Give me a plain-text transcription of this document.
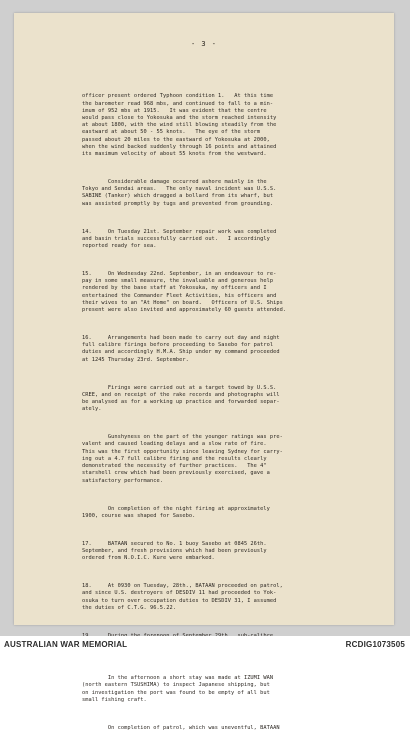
- 3 -

officer present ordered Typhoon condition 1.   At this time
the barometer read 968 mbs, and continued to fall to a min-
imum of 952 mbs at 1915.   It was evident that the centre
would pass close to Yokosuka and the storm reached intensity
at about 1800, with the wind still blowing steadily from the
eastward at about 50 - 55 knots.   The eye of the storm
passed about 20 miles to the eastward of Yokosuka at 2000,
when the wind backed suddenly through 16 points and attained
its maximum velocity of about 55 knots from the westward.

Considerable damage occurred ashore mainly in the
Tokyo and Sendai areas.   The only naval incident was U.S.S.
SABINE (Tanker) which dragged a bollard from its wharf, but
was assisted promptly by tugs and prevented from grounding.

14.     On Tuesday 21st. September repair work was completed
and basin trials successfully carried out.   I accordingly
reported ready for sea.

15.     On Wednesday 22nd. September, in an endeavour to re-
pay in some small measure, the invaluable and generous help
rendered by the base staff at Yokosuka, my officers and I
entertained the Commander Fleet Activities, his officers and
their wives to an "At Home" on board.   Officers of U.S. Ships
present were also invited and approximately 60 guests attended.

16.     Arrangements had been made to carry out day and night
full calibre firings before proceeding to Sasebo for patrol
duties and accordingly H.M.A. Ship under my command proceeded
at 1245 Thursday 23rd. September.

Firings were carried out at a target towed by U.S.S.
CREE, and on receipt of the rake records and photographs will
be analysed as for a working up practice and forwarded separ-
ately.

Gunshyness on the part of the younger ratings was pre-
valent and caused loading delays and a slow rate of fire.
This was the first opportunity since leaving Sydney for carry-
ing out a 4.7 full calibre firing and the results clearly
demonstrated the necessity of further practices.   The 4"
starshell crew which had been previously exercised, gave a
satisfactory performance.

On completion of the night firing at approximately
1900, course was shaped for Sasebo.

17.     BATAAN secured to No. 1 buoy Sasebo at 0845 26th.
September, and fresh provisions which had been previously
ordered from N.O.I.C. Kure were embarked.

18.     At 0930 on Tuesday, 28th., BATAAN proceeded on patrol,
and since U.S. destroyers of DESDIV 11 had proceeded to Yok-
osuka to turn over occupation duties to DESDIV 31, I assumed
the duties of C.T.G. 96.5.22.

In the afternoon a short stay was made at IZUMI WAN
(north eastern TSUSHIMA) to inspect Japanese shipping, but
on investigation the port was found to be empty of all but
small fishing craft.

On completion of patrol, which was uneventful, BATAAN

AUSTRALIAN WAR MEMORIAL	RCDIG1073505
